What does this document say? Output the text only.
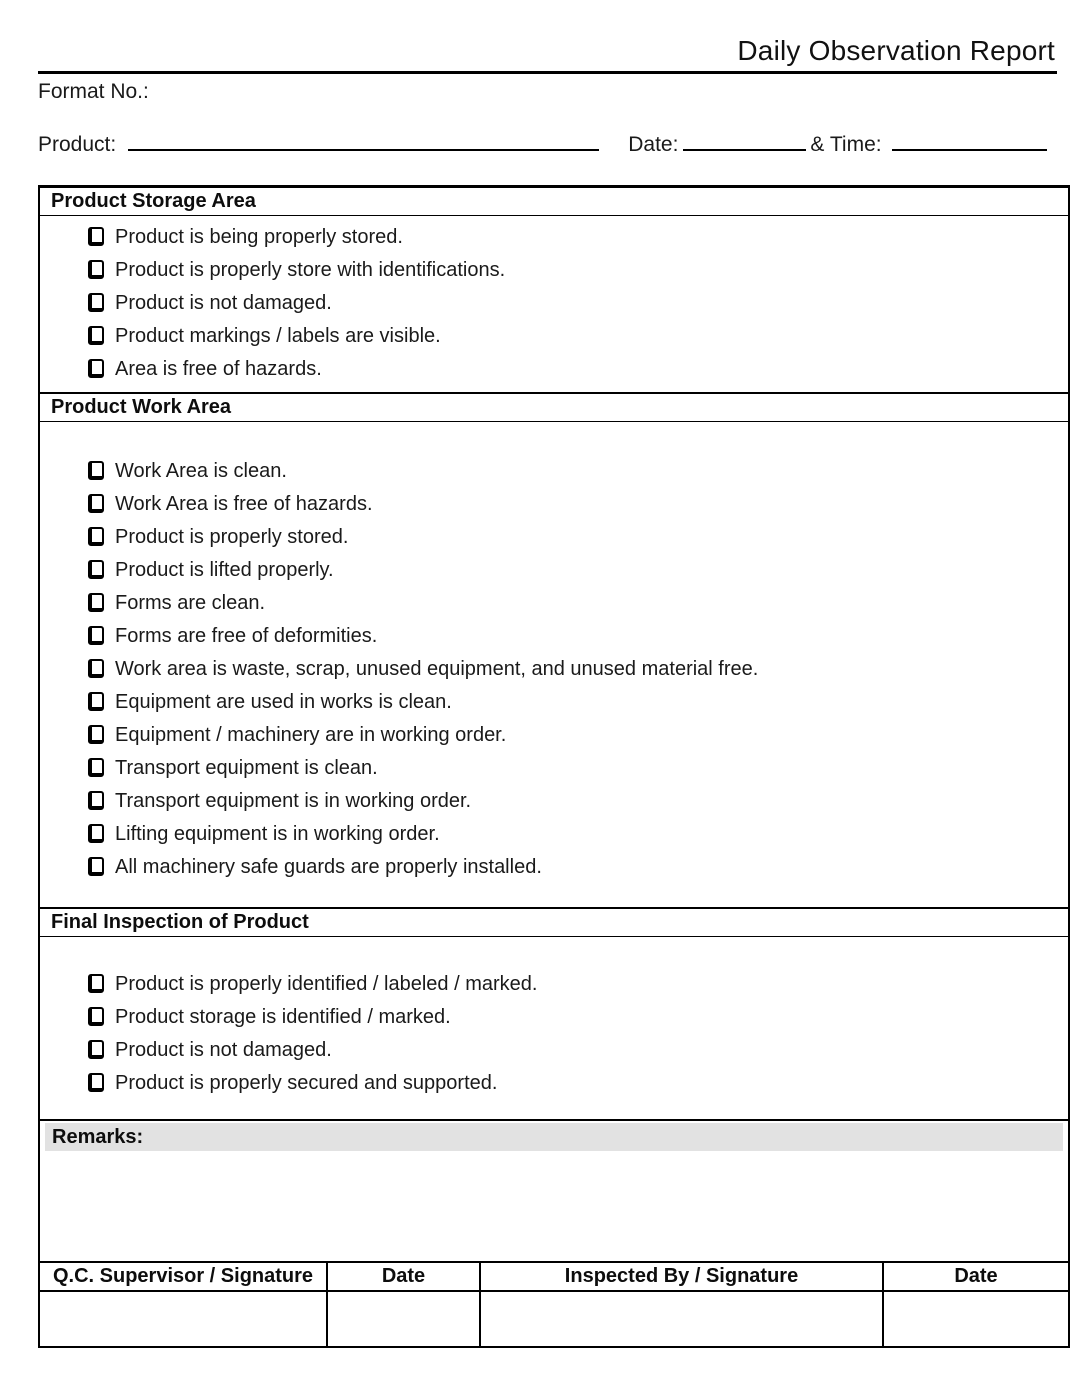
Daily Observation Report
Format No.:
Product:	Date:	& Time:
Product Storage Area
Product is being properly stored.
Product is properly store with identifications.
Product is not damaged.
Product markings / labels are visible.
Area is free of hazards.
Product Work Area
Work Area is clean.
Work Area is free of hazards.
Product is properly stored.
Product is lifted properly.
Forms are clean.
Forms are free of deformities.
Work area is waste, scrap, unused equipment, and unused material free.
Equipment are used in works is clean.
Equipment / machinery are in working order.
Transport equipment is clean.
Transport equipment is in working order.
Lifting equipment is in working order.
All machinery safe guards are properly installed.
Final Inspection of Product
Product is properly identified / labeled / marked.
Product storage is identified / marked.
Product is not damaged.
Product is properly secured and supported.
Remarks:
Q.C. Supervisor / Signature	Date	Inspected By / Signature	Date
